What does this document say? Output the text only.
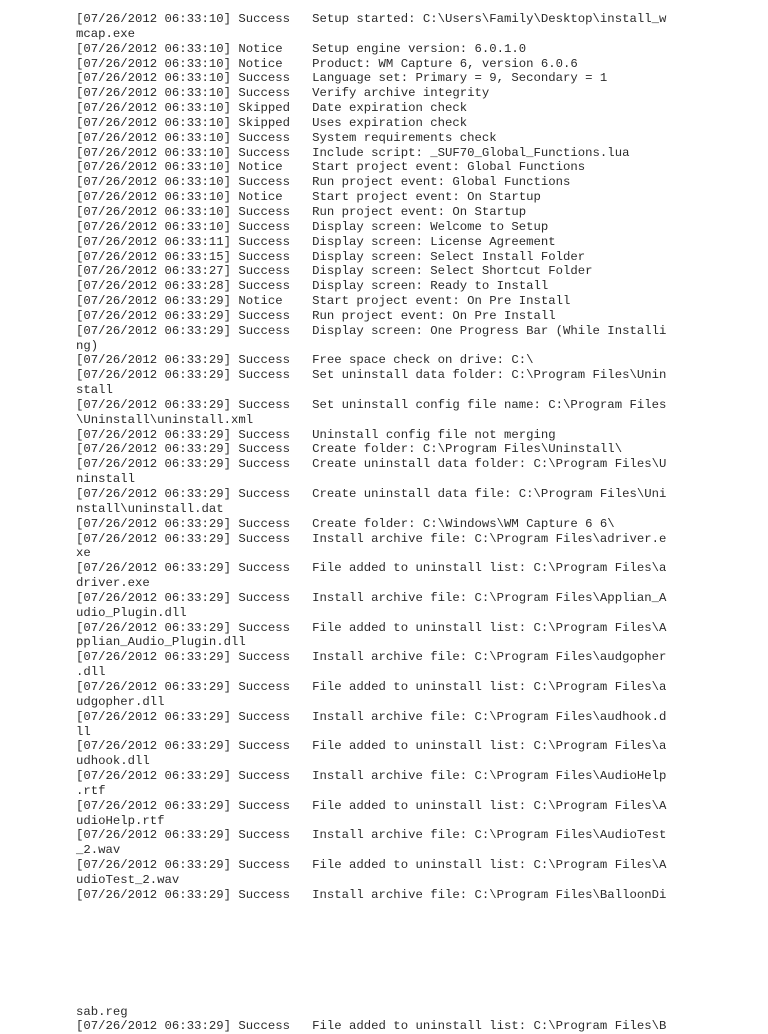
[07/26/2012 06:33:10] Success   Setup started: C:\Users\Family\Desktop\install_w
mcap.exe
[07/26/2012 06:33:10] Notice    Setup engine version: 6.0.1.0
[07/26/2012 06:33:10] Notice    Product: WM Capture 6, version 6.0.6
[07/26/2012 06:33:10] Success   Language set: Primary = 9, Secondary = 1
[07/26/2012 06:33:10] Success   Verify archive integrity
[07/26/2012 06:33:10] Skipped   Date expiration check
[07/26/2012 06:33:10] Skipped   Uses expiration check
[07/26/2012 06:33:10] Success   System requirements check
[07/26/2012 06:33:10] Success   Include script: _SUF70_Global_Functions.lua
[07/26/2012 06:33:10] Notice    Start project event: Global Functions
[07/26/2012 06:33:10] Success   Run project event: Global Functions
[07/26/2012 06:33:10] Notice    Start project event: On Startup
[07/26/2012 06:33:10] Success   Run project event: On Startup
[07/26/2012 06:33:10] Success   Display screen: Welcome to Setup
[07/26/2012 06:33:11] Success   Display screen: License Agreement
[07/26/2012 06:33:15] Success   Display screen: Select Install Folder
[07/26/2012 06:33:27] Success   Display screen: Select Shortcut Folder
[07/26/2012 06:33:28] Success   Display screen: Ready to Install
[07/26/2012 06:33:29] Notice    Start project event: On Pre Install
[07/26/2012 06:33:29] Success   Run project event: On Pre Install
[07/26/2012 06:33:29] Success   Display screen: One Progress Bar (While Installi
ng)
[07/26/2012 06:33:29] Success   Free space check on drive: C:\
[07/26/2012 06:33:29] Success   Set uninstall data folder: C:\Program Files\Unin
stall
[07/26/2012 06:33:29] Success   Set uninstall config file name: C:\Program Files
\Uninstall\uninstall.xml
[07/26/2012 06:33:29] Success   Uninstall config file not merging
[07/26/2012 06:33:29] Success   Create folder: C:\Program Files\Uninstall\
[07/26/2012 06:33:29] Success   Create uninstall data folder: C:\Program Files\U
ninstall
[07/26/2012 06:33:29] Success   Create uninstall data file: C:\Program Files\Uni
nstall\uninstall.dat
[07/26/2012 06:33:29] Success   Create folder: C:\Windows\WM Capture 6 6\
[07/26/2012 06:33:29] Success   Install archive file: C:\Program Files\adriver.e
xe
[07/26/2012 06:33:29] Success   File added to uninstall list: C:\Program Files\a
driver.exe
[07/26/2012 06:33:29] Success   Install archive file: C:\Program Files\Applian_A
udio_Plugin.dll
[07/26/2012 06:33:29] Success   File added to uninstall list: C:\Program Files\A
pplian_Audio_Plugin.dll
[07/26/2012 06:33:29] Success   Install archive file: C:\Program Files\audgopher
.dll
[07/26/2012 06:33:29] Success   File added to uninstall list: C:\Program Files\a
udgopher.dll
[07/26/2012 06:33:29] Success   Install archive file: C:\Program Files\audhook.d
ll
[07/26/2012 06:33:29] Success   File added to uninstall list: C:\Program Files\a
udhook.dll
[07/26/2012 06:33:29] Success   Install archive file: C:\Program Files\AudioHelp
.rtf
[07/26/2012 06:33:29] Success   File added to uninstall list: C:\Program Files\A
udioHelp.rtf
[07/26/2012 06:33:29] Success   Install archive file: C:\Program Files\AudioTest
_2.wav
[07/26/2012 06:33:29] Success   File added to uninstall list: C:\Program Files\A
udioTest_2.wav
[07/26/2012 06:33:29] Success   Install archive file: C:\Program Files\BalloonDi
sab.reg
[07/26/2012 06:33:29] Success   File added to uninstall list: C:\Program Files\B
